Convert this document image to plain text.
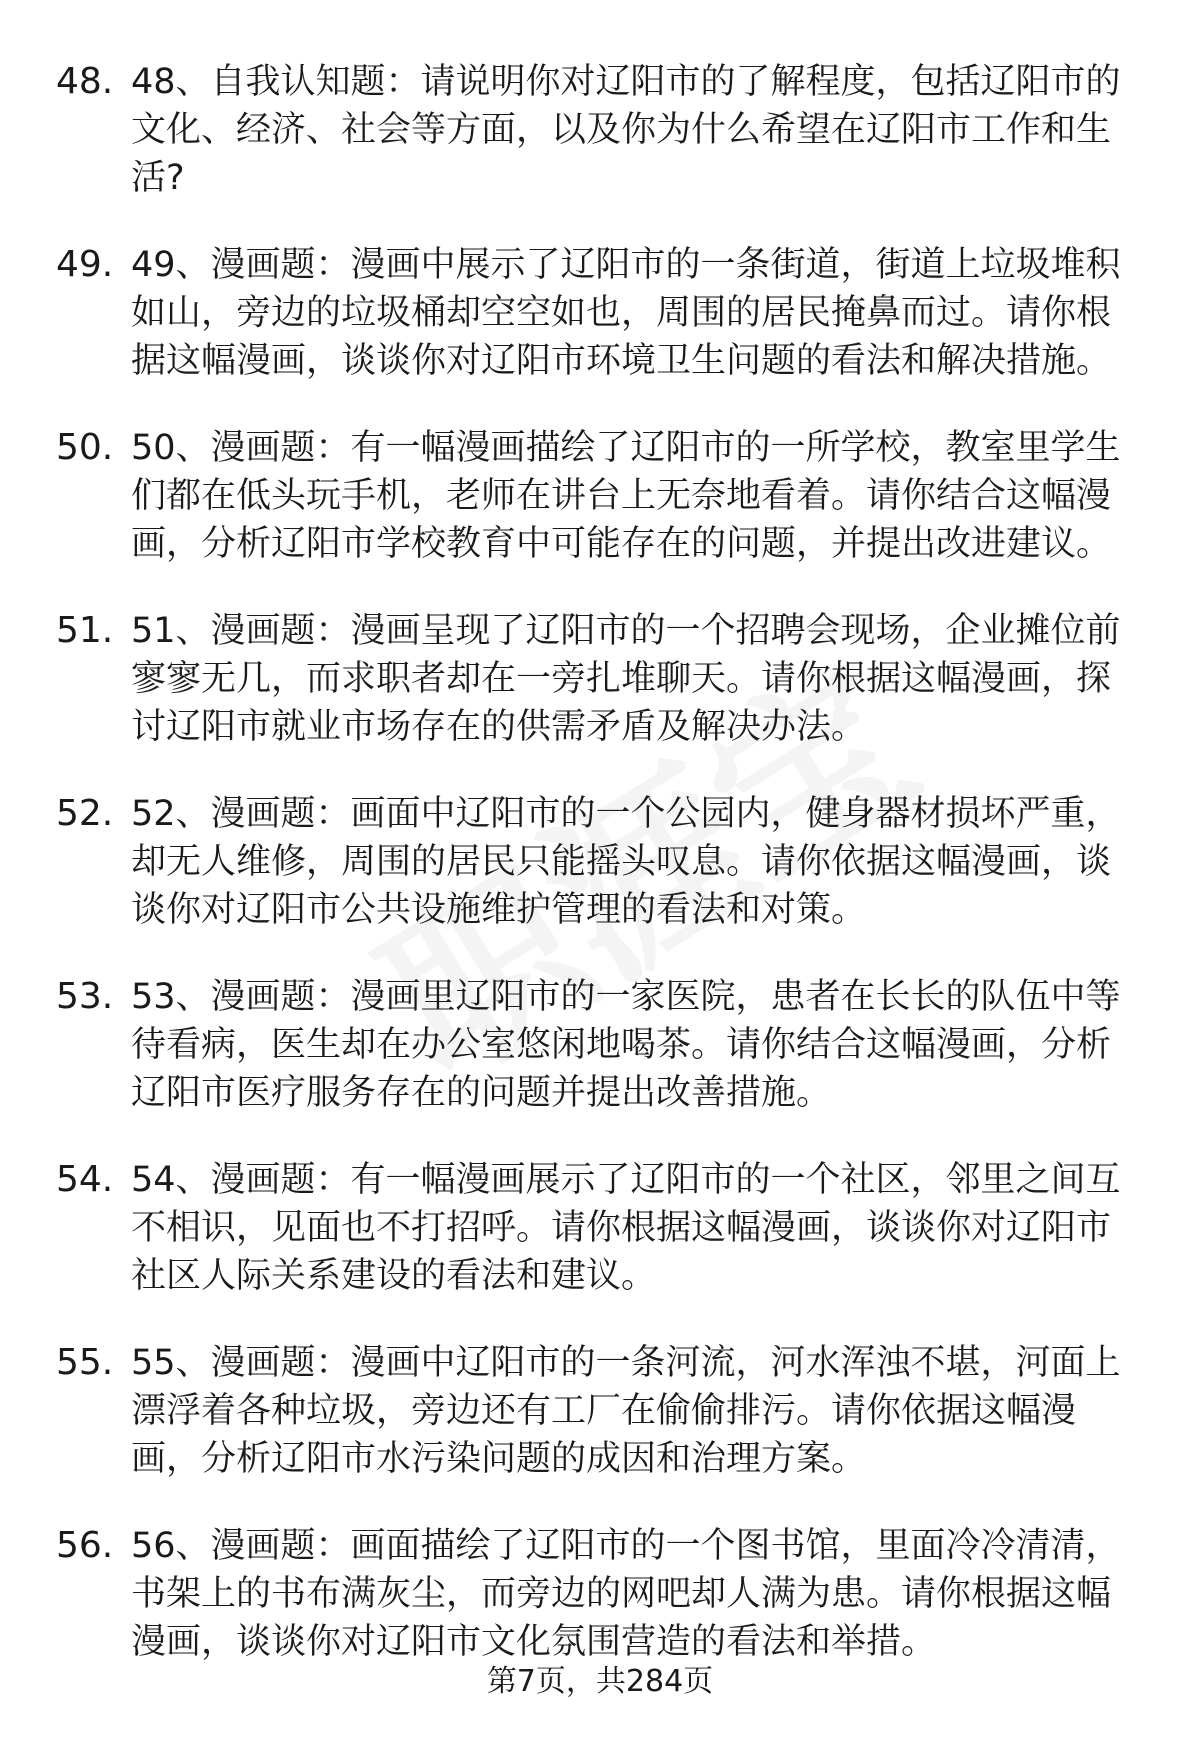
48. 48、自我认知题：请说明你对辽阳市的了解程度，包括辽阳市的文化、经济、社会等方面，以及你为什么希望在辽阳市工作和生活?
49. 49、漫画题：漫画中展示了辽阳市的一条街道，街道上垃圾堆积如山，旁边的垃圾桶却空空如也，周围的居民掩鼻而过。请你根据这幅漫画，谈谈你对辽阳市环境卫生问题的看法和解决措施。
50. 50、漫画题：有一幅漫画描绘了辽阳市的一所学校，教室里学生们都在低头玩手机，老师在讲台上无奈地看着。请你结合这幅漫画，分析辽阳市学校教育中可能存在的问题，并提出改进建议。
51. 51、漫画题：漫画呈现了辽阳市的一个招聘会现场，企业摊位前寥寥无几，而求职者却在一旁扎堆聊天。请你根据这幅漫画，探讨辽阳市就业市场存在的供需矛盾及解决办法。
52. 52、漫画题：画面中辽阳市的一个公园内，健身器材损坏严重，却无人维修，周围的居民只能摇头叹息。请你依据这幅漫画，谈谈你对辽阳市公共设施维护管理的看法和对策。
53. 53、漫画题：漫画里辽阳市的一家医院，患者在长长的队伍中等待看病，医生却在办公室悠闲地喝茶。请你结合这幅漫画，分析辽阳市医疗服务存在的问题并提出改善措施。
54. 54、漫画题：有一幅漫画展示了辽阳市的一个社区，邻里之间互不相识，见面也不打招呼。请你根据这幅漫画，谈谈你对辽阳市社区人际关系建设的看法和建议。
55. 55、漫画题：漫画中辽阳市的一条河流，河水浑浊不堪，河面上漂浮着各种垃圾，旁边还有工厂在偷偷排污。请你依据这幅漫画，分析辽阳市水污染问题的成因和治理方案。
56. 56、漫画题：画面描绘了辽阳市的一个图书馆，里面冷冷清清，书架上的书布满灰尘，而旁边的网吧却人满为患。请你根据这幅漫画，谈谈你对辽阳市文化氛围营造的看法和举措。
第7页，共284页
